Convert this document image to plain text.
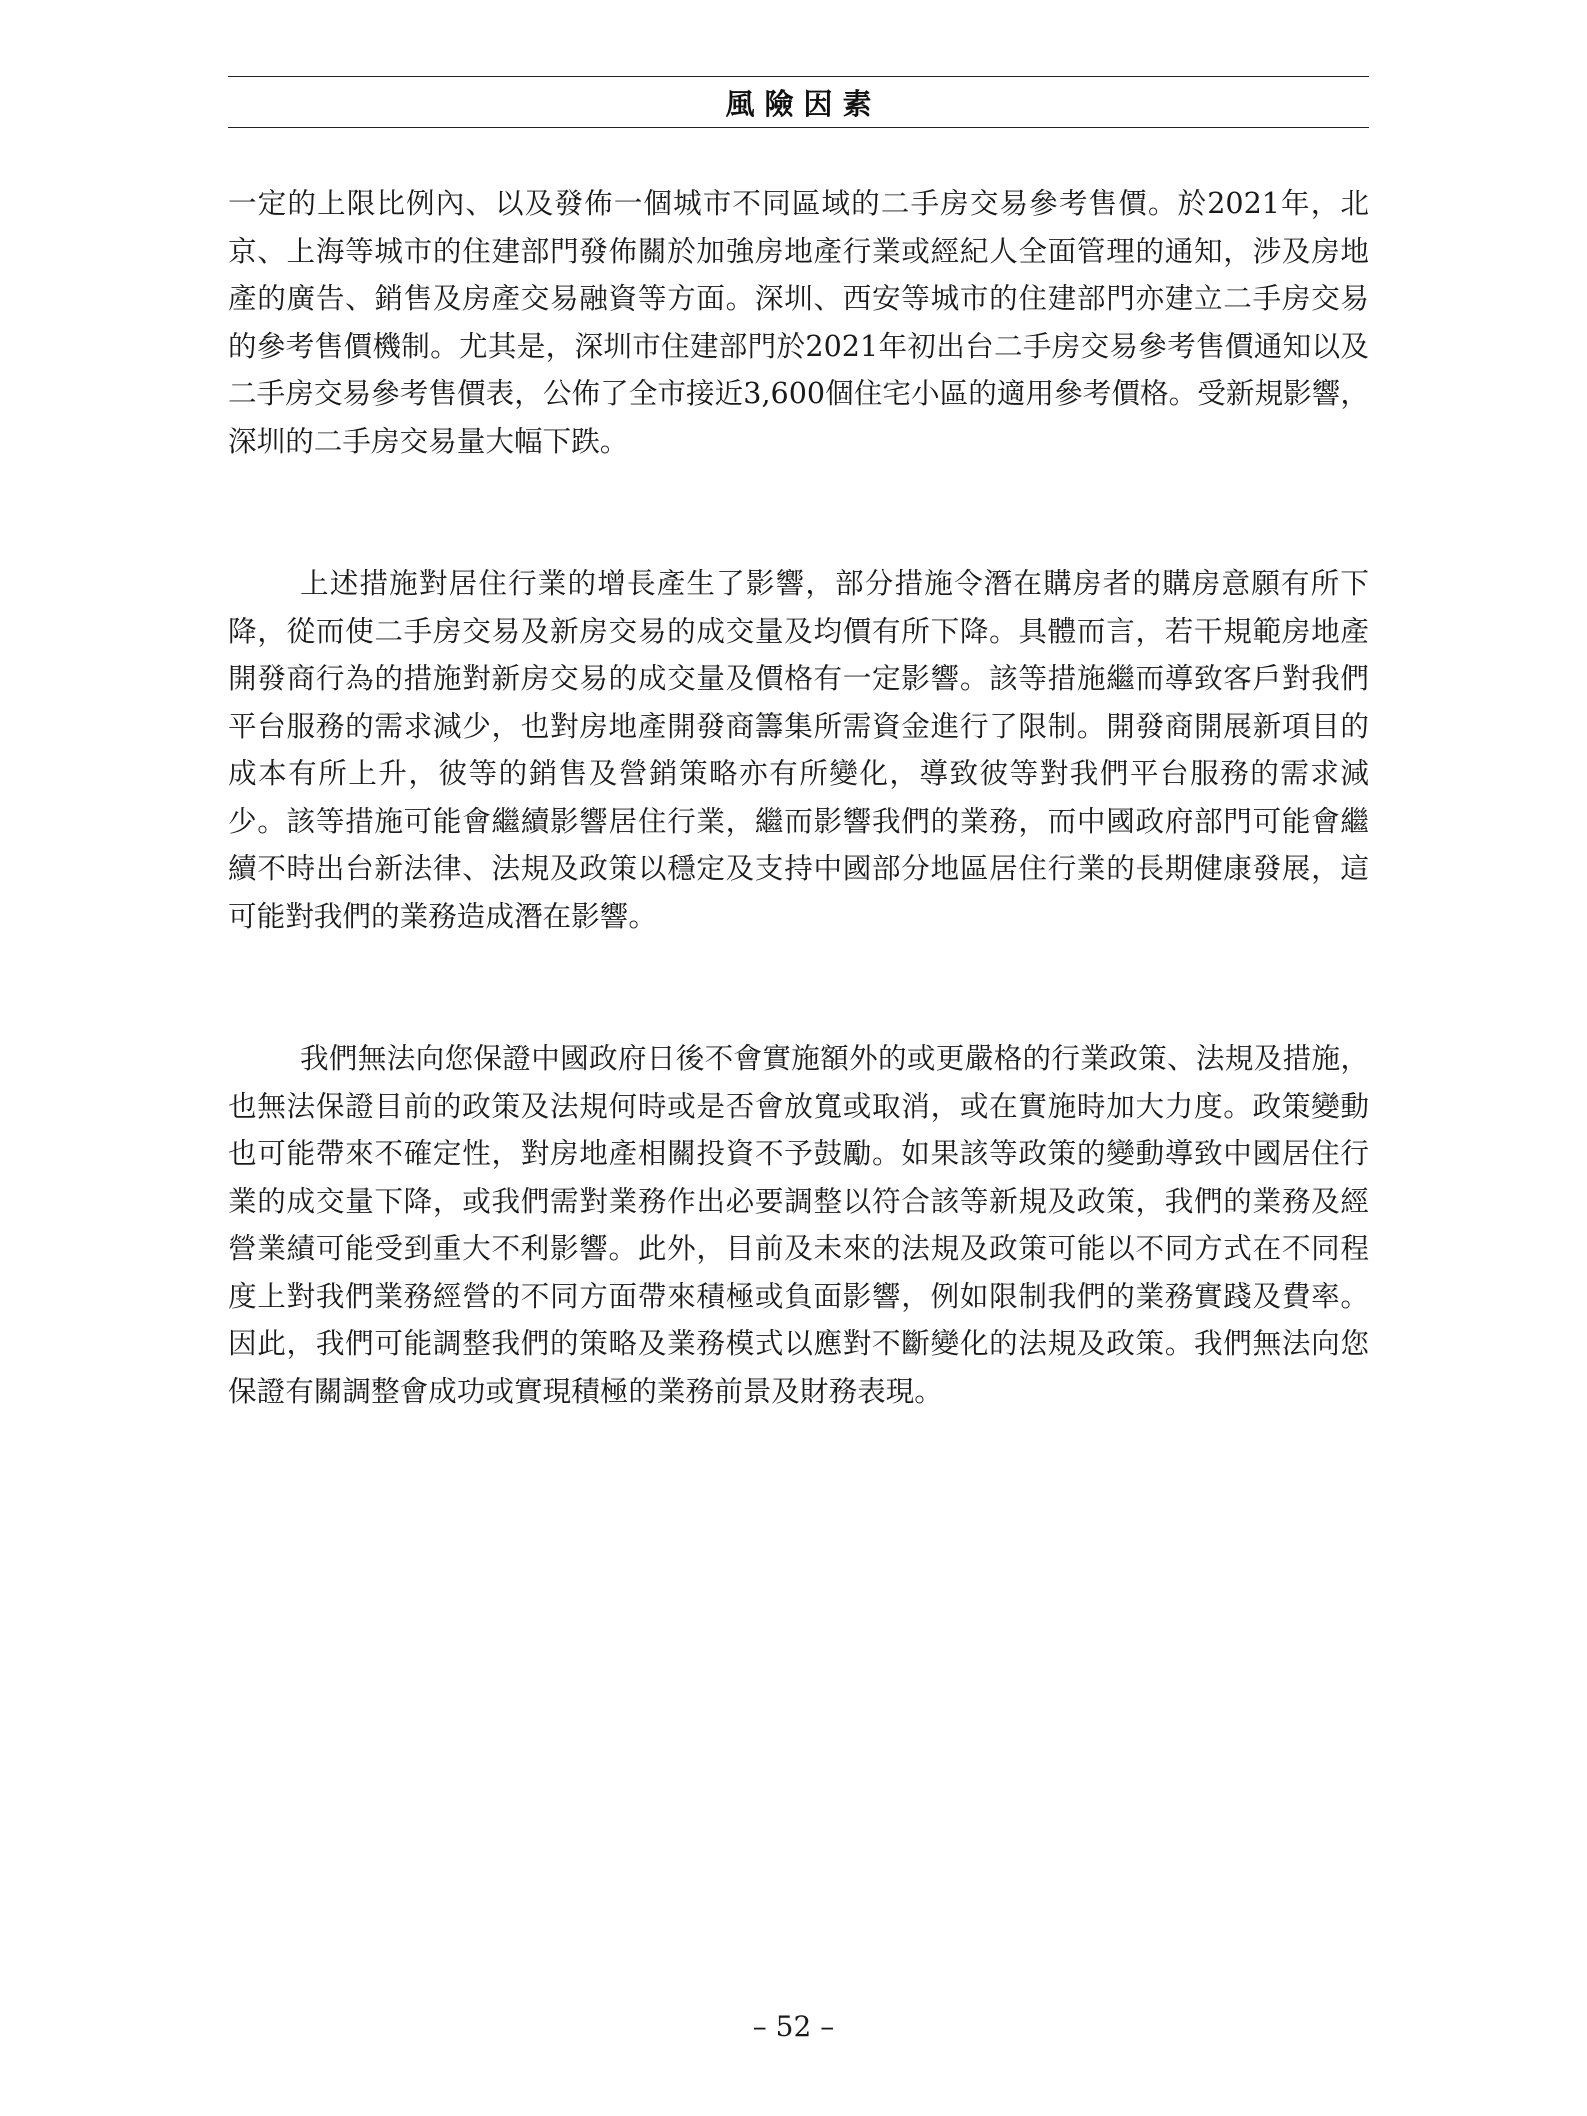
風險因素

一定的上限比例內、以及發佈一個城市不同區域的二手房交易參考售價。於2021年，北京、上海等城市的住建部門發佈關於加強房地產行業或經紀人全面管理的通知，涉及房地產的廣告、銷售及房產交易融資等方面。深圳、西安等城市的住建部門亦建立二手房交易的參考售價機制。尤其是，深圳市住建部門於2021年初出台二手房交易參考售價通知以及二手房交易參考售價表，公佈了全市接近3,600個住宅小區的適用參考價格。受新規影響，深圳的二手房交易量大幅下跌。

上述措施對居住行業的增長產生了影響，部分措施令潛在購房者的購房意願有所下降，從而使二手房交易及新房交易的成交量及均價有所下降。具體而言，若干規範房地產開發商行為的措施對新房交易的成交量及價格有一定影響。該等措施繼而導致客戶對我們平台服務的需求減少，也對房地產開發商籌集所需資金進行了限制。開發商開展新項目的成本有所上升，彼等的銷售及營銷策略亦有所變化，導致彼等對我們平台服務的需求減少。該等措施可能會繼續影響居住行業，繼而影響我們的業務，而中國政府部門可能會繼續不時出台新法律、法規及政策以穩定及支持中國部分地區居住行業的長期健康發展，這可能對我們的業務造成潛在影響。

我們無法向您保證中國政府日後不會實施額外的或更嚴格的行業政策、法規及措施，也無法保證目前的政策及法規何時或是否會放寬或取消，或在實施時加大力度。政策變動也可能帶來不確定性，對房地產相關投資不予鼓勵。如果該等政策的變動導致中國居住行業的成交量下降，或我們需對業務作出必要調整以符合該等新規及政策，我們的業務及經營業績可能受到重大不利影響。此外，目前及未來的法規及政策可能以不同方式在不同程度上對我們業務經營的不同方面帶來積極或負面影響，例如限制我們的業務實踐及費率。因此，我們可能調整我們的策略及業務模式以應對不斷變化的法規及政策。我們無法向您保證有關調整會成功或實現積極的業務前景及財務表現。

– 52 –
